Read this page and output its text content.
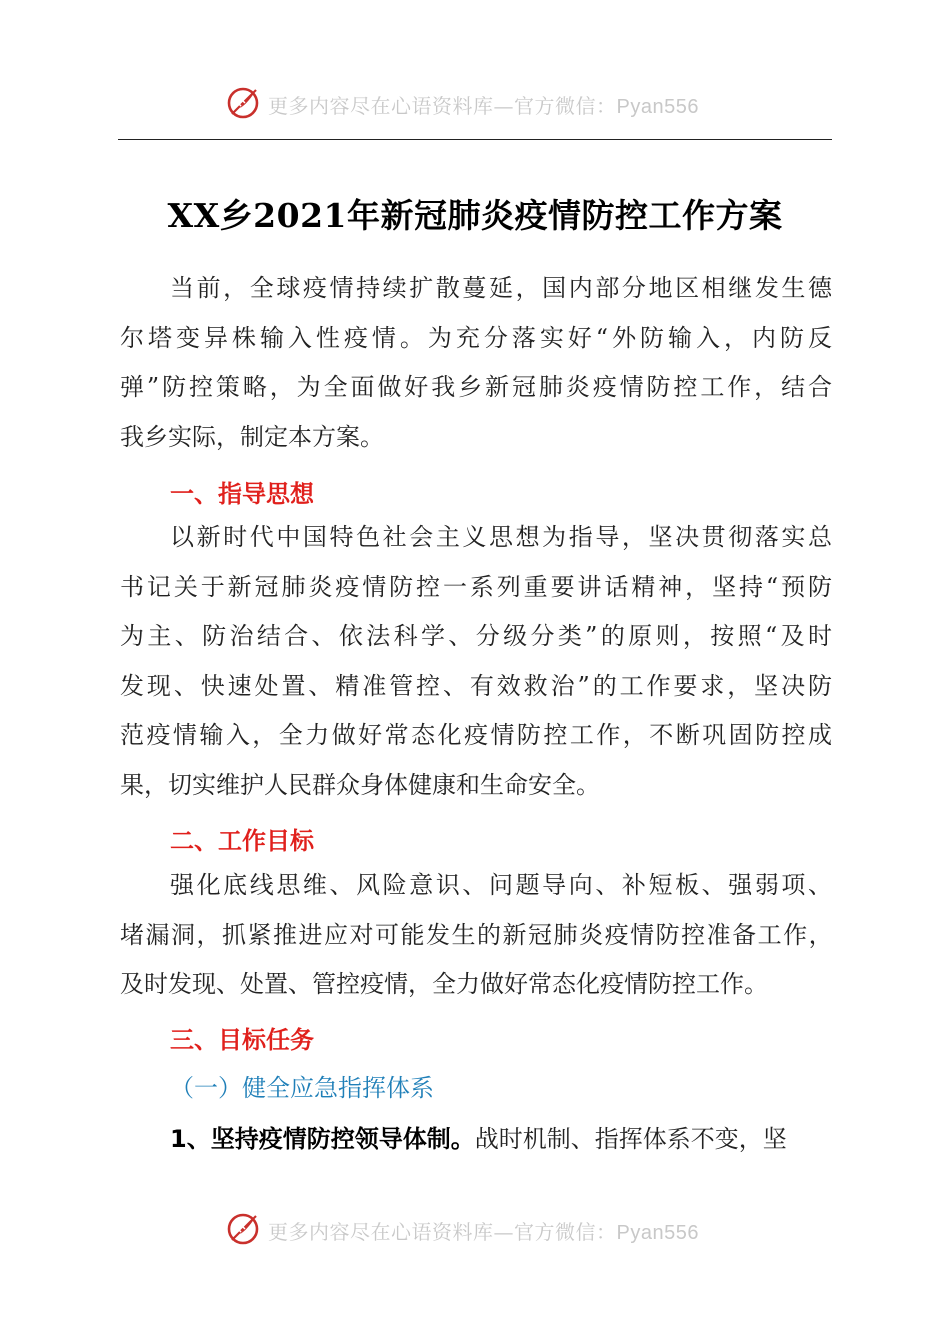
更多内容尽在心语资料库—官方微信：Pyan556
XX乡2021年新冠肺炎疫情防控工作方案
当前，全球疫情持续扩散蔓延，国内部分地区相继发生德
尔塔变异株输入性疫情。为充分落实好“外防输入，内防反
弹”防控策略，为全面做好我乡新冠肺炎疫情防控工作，结合
我乡实际，制定本方案。
一、指导思想
以新时代中国特色社会主义思想为指导，坚决贯彻落实总
书记关于新冠肺炎疫情防控一系列重要讲话精神，坚持“预防
为主、防治结合、依法科学、分级分类”的原则，按照“及时
发现、快速处置、精准管控、有效救治”的工作要求，坚决防
范疫情输入，全力做好常态化疫情防控工作，不断巩固防控成
果，切实维护人民群众身体健康和生命安全。
二、工作目标
强化底线思维、风险意识、问题导向、补短板、强弱项、
堵漏洞，抓紧推进应对可能发生的新冠肺炎疫情防控准备工作，
及时发现、处置、管控疫情，全力做好常态化疫情防控工作。
三、目标任务
（一）健全应急指挥体系
1、坚持疫情防控领导体制。战时机制、指挥体系不变，坚
更多内容尽在心语资料库—官方微信：Pyan556
